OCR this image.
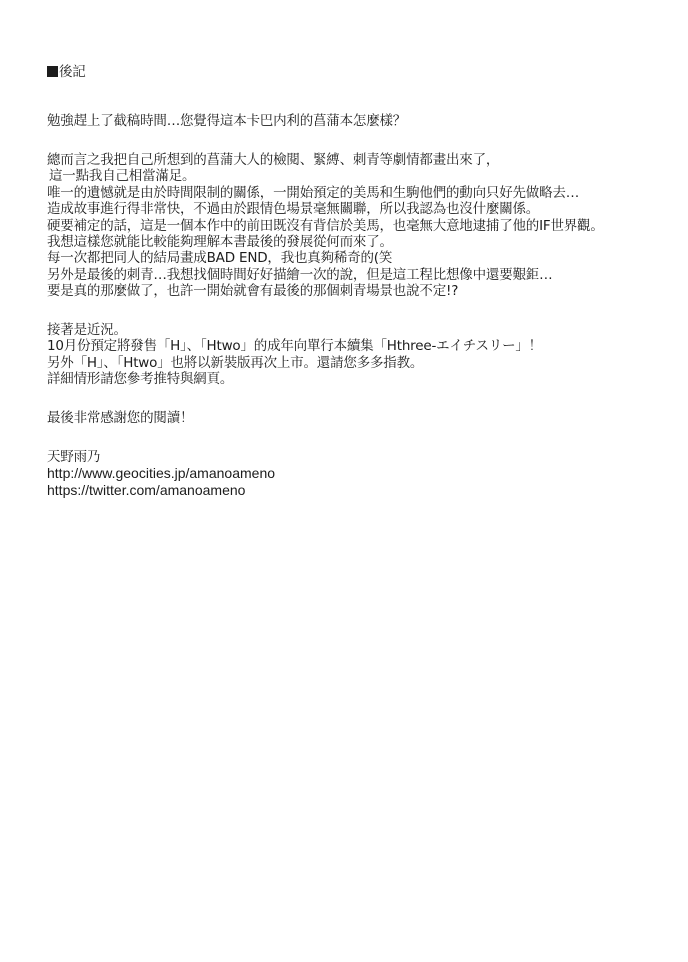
後記
勉強趕上了截稿時間…您覺得這本卡巴内利的菖蒲本怎麼樣？
總而言之我把自己所想到的菖蒲大人的檢閱、緊縛、刺青等劇情都畫出來了，
這一點我自己相當滿足。
唯一的遺憾就是由於時間限制的關係，一開始預定的美馬和生駒他們的動向只好先做略去…
造成故事進行得非常快，不過由於跟情色場景毫無關聯，所以我認為也沒什麼關係。
硬要補定的話，這是一個本作中的前田既沒有背信於美馬，也毫無大意地逮捕了他的IF世界觀。
我想這樣您就能比較能夠理解本書最後的發展從何而來了。
每一次都把同人的結局畫成BAD END，我也真夠稀奇的(笑
另外是最後的刺青…我想找個時間好好描繪一次的說，但是這工程比想像中還要艱鉅…
要是真的那麼做了，也許一開始就會有最後的那個刺青場景也說不定!?
接著是近況。
10月份預定將發售「H」、「Htwo」的成年向單行本續集「Hthree-エイチスリー」！
另外「H」、「Htwo」也將以新裝版再次上市。還請您多多指教。
詳細情形請您參考推特與網頁。
最後非常感謝您的閱讀！
天野雨乃
http://www.geocities.jp/amanoameno
https://twitter.com/amanoameno
